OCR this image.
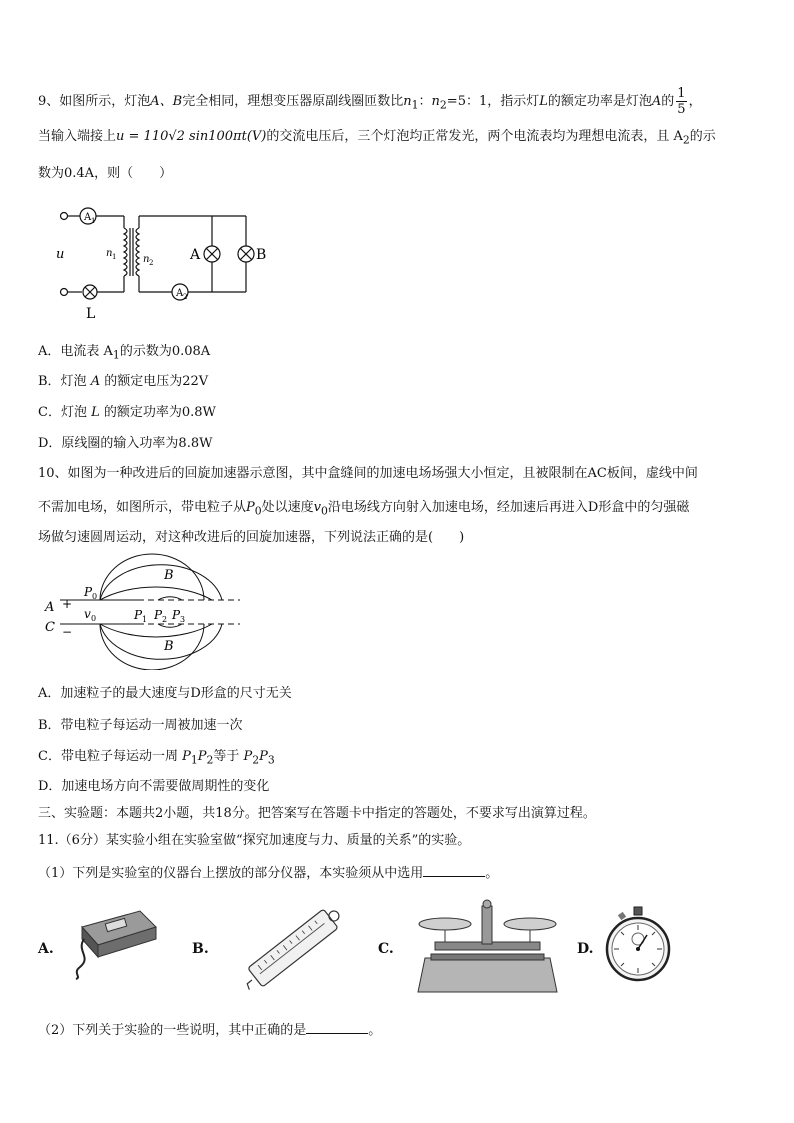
9、如图所示，灯泡A、B完全相同，理想变压器原副线圈匝数比$n_1$：$n_2=5$：1，指示灯L的额定功率是灯泡A的 $\frac{1}{5}$ ，
当输入端接上u = 110√2 sin100πt(V)的交流电压后，三个灯泡均正常发光，两个电流表均为理想电流表，且 $A_2$的示
数为0.4A，则（　　）
A 1
A 2
u	n 1	n 2	A	B
L
A．电流表 $A_1$的示数为0.08A
B．灯泡 A 的额定电压为22V
C．灯泡 L 的额定功率为0.8W
D．原线圈的输入功率为8.8W
10、如图为一种改进后的回旋加速器示意图，其中盒缝间的加速电场场强大小恒定，且被限制在AC板间，虚线中间
不需加电场，如图所示，带电粒子从$P_0$处以速度$v_0$沿电场线方向射入加速电场，经加速后再进入D形盒中的匀强磁
场做匀速圆周运动，对这种改进后的回旋加速器，下列说法正确的是(　　)
A
C
+
−
P 0
v 0	P 1 P 2 P 3
B
B
A．加速粒子的最大速度与D形盒的尺寸无关
B．带电粒子每运动一周被加速一次
C．带电粒子每运动一周 $P_1P_2$等于 $P_2P_3$
D．加速电场方向不需要做周期性的变化
三、实验题：本题共2小题，共18分。把答案写在答题卡中指定的答题处，不要求写出演算过程。
11.（6分）某实验小组在实验室做“探究加速度与力、质量的关系”的实验。
（1）下列是实验室的仪器台上摆放的部分仪器，本实验须从中选用	。
A.	B.	C.	D.
（2）下列关于实验的一些说明，其中正确的是	。
